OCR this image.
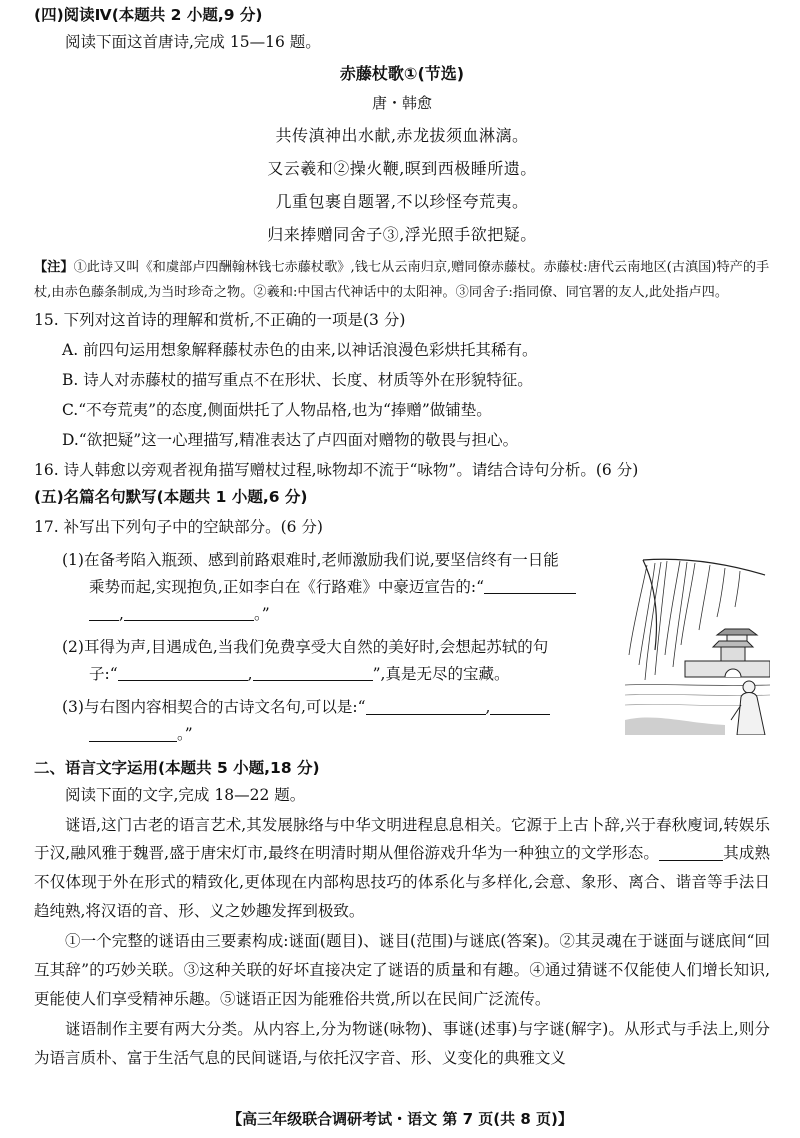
(四)阅读Ⅳ(本题共 2 小题,9 分)
阅读下面这首唐诗,完成 15—16 题。
赤藤杖歌①(节选)
唐・韩愈
共传滇神出水献,赤龙拔须血淋漓。
又云羲和②操火鞭,暝到西极睡所遗。
几重包裹自题署,不以珍怪夸荒夷。
归来捧赠同舍子③,浮光照手欲把疑。
【注】①此诗又叫《和虞部卢四酬翰林钱七赤藤杖歌》,钱七从云南归京,赠同僚赤藤杖。赤藤杖:唐代云南地区(古滇国)特产的手杖,由赤色藤条制成,为当时珍奇之物。②羲和:中国古代神话中的太阳神。③同舍子:指同僚、同官署的友人,此处指卢四。
15. 下列对这首诗的理解和赏析,不正确的一项是(3 分)
A. 前四句运用想象解释藤杖赤色的由来,以神话浪漫色彩烘托其稀有。
B. 诗人对赤藤杖的描写重点不在形状、长度、材质等外在形貌特征。
C.“不夸荒夷”的态度,侧面烘托了人物品格,也为“捧赠”做铺垫。
D.“欲把疑”这一心理描写,精准表达了卢四面对赠物的敬畏与担心。
16. 诗人韩愈以旁观者视角描写赠杖过程,咏物却不流于“咏物”。请结合诗句分析。(6 分)
(五)名篇名句默写(本题共 1 小题,6 分)
17. 补写出下列句子中的空缺部分。(6 分)
(1)在备考陷入瓶颈、感到前路艰难时,老师激励我们说,要坚信终有一日能
乘势而起,实现抱负,正如李白在《行路难》中豪迈宣告的:“
,	。”
(2)耳得为声,目遇成色,当我们免费享受大自然的美好时,会想起苏轼的句
子:“	,	”,真是无尽的宝藏。
(3)与右图内容相契合的古诗文名句,可以是:“	,
。”
二、语言文字运用(本题共 5 小题,18 分)
阅读下面的文字,完成 18—22 题。
谜语,这门古老的语言艺术,其发展脉络与中华文明进程息息相关。它源于上古卜辞,兴于春秋廋词,转娱乐于汉,融风雅于魏晋,盛于唐宋灯市,最终在明清时期从俚俗游戏升华为一种独立的文学形态。	其成熟不仅体现于外在形式的精致化,更体现在内部构思技巧的体系化与多样化,会意、象形、离合、谐音等手法日趋纯熟,将汉语的音、形、义之妙趣发挥到极致。
①一个完整的谜语由三要素构成:谜面(题目)、谜目(范围)与谜底(答案)。②其灵魂在于谜面与谜底间“回互其辞”的巧妙关联。③这种关联的好坏直接决定了谜语的质量和有趣。④通过猜谜不仅能使人们增长知识,更能使人们享受精神乐趣。⑤谜语正因为能雅俗共赏,所以在民间广泛流传。
谜语制作主要有两大分类。从内容上,分为物谜(咏物)、事谜(述事)与字谜(解字)。从形式与手法上,则分为语言质朴、富于生活气息的民间谜语,与依托汉字音、形、义变化的典雅文义
【高三年级联合调研考试・语文 第 7 页(共 8 页)】
